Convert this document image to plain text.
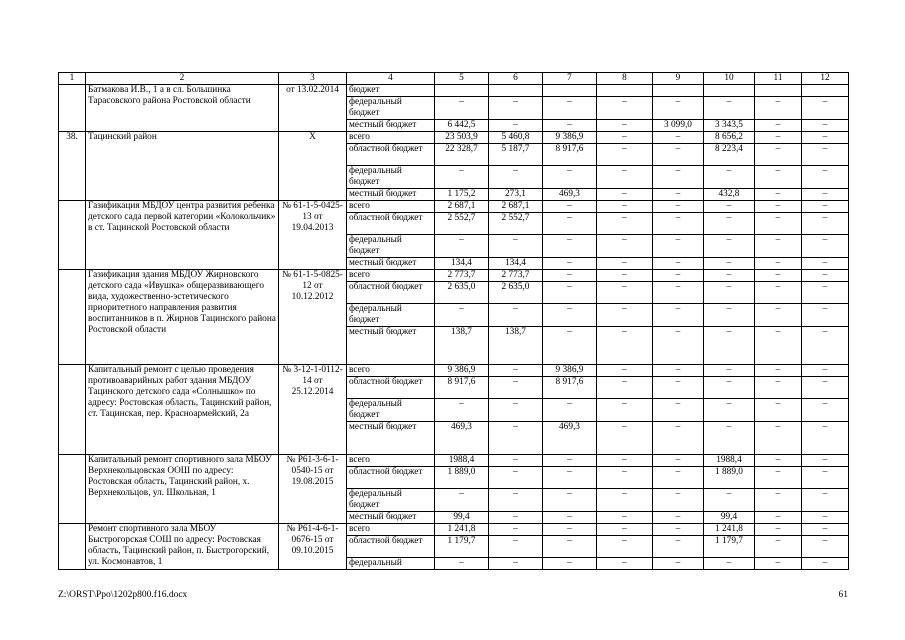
1	2	3	4	5	6	7	8	9	10	11	12
	Батмакова И.В., 1 а в сл. Большинка Тарасовского района Ростовской области	от 13.02.2014	бюджет								
			федеральный бюджет	–	–	–	–	–	–	–	–
			местный бюджет	6 442,5	–	–	–	3 099,0	3 343,5	–	–
38.	Тацинский район	X	всего	23 503,9	5 460,8	9 386,9	–	–	8 656,2	–	–
			областной бюджет	22 328,7	5 187,7	8 917,6	–	–	8 223,4	–	–
			федеральный бюджет	–	–	–	–	–	–	–	–
			местный бюджет	1 175,2	273,1	469,3	–	–	432,8	–	–
	Газификация МБДОУ центра развития ребенка детского сада первой категории «Колокольчик» в ст. Тацинской Ростовской области	№ 61-1-5-0425-13 от 19.04.2013	всего	2 687,1	2 687,1	–	–	–	–	–	–
			областной бюджет	2 552,7	2 552,7	–	–	–	–	–	–
			федеральный бюджет	–	–	–	–	–	–	–	–
			местный бюджет	134,4	134,4	–	–	–	–	–	–
	Газификация здания МБДОУ Жирновского детского сада «Ивушка» общеразвивающего вида, художественно-эстетического приоритетного направления развития воспитанников в п. Жирнов Тацинского района Ростовской области	№ 61-1-5-0825-12 от 10.12.2012	всего	2 773,7	2 773,7	–	–	–	–	–	–
			областной бюджет	2 635,0	2 635,0	–	–	–	–	–	–
			федеральный бюджет	–	–	–	–	–	–	–	–
			местный бюджет	138,7	138,7	–	–	–	–	–	–
	Капитальный ремонт с целью проведения противоаварийных работ здания МБДОУ Тацинского детского сада «Солнышко» по адресу: Ростовская область, Тацинский район, ст. Тацинская, пер. Красноармейский, 2а	№ 3-12-1-0112-14 от 25.12.2014	всего	9 386,9	–	9 386,9	–	–	–	–	–
			областной бюджет	8 917,6	–	8 917,6	–	–	–	–	–
			федеральный бюджет	–	–	–	–	–	–	–	–
			местный бюджет	469,3	–	469,3	–	–	–	–	–
	Капитальный ремонт спортивного зала МБОУ Верхнекольцовская ООШ по адресу: Ростовская область, Тацинский район, х. Верхнекольцов, ул. Школьная, 1	№ Р61-3-6-1-0540-15 от 19.08.2015	всего	1988,4	–	–	–	–	1988,4	–	–
			областной бюджет	1 889,0	–	–	–	–	1 889,0	–	–
			федеральный бюджет	–	–	–	–	–	–	–	–
			местный бюджет	99,4	–	–	–	–	99,4	–	–
	Ремонт спортивного зала МБОУ Быстрогорская СОШ по адресу: Ростовская область, Тацинский район, п. Быстрогорский, ул. Космонавтов, 1	№ Р61-4-6-1-0676-15 от 09.10.2015	всего	1 241,8	–	–	–	–	1 241,8	–	–
			областной бюджет	1 179,7	–	–	–	–	1 179,7	–	–
			федеральный	–	–	–	–	–	–	–	–
Z:\ORST\Ppo\1202p800.f16.docx	61
